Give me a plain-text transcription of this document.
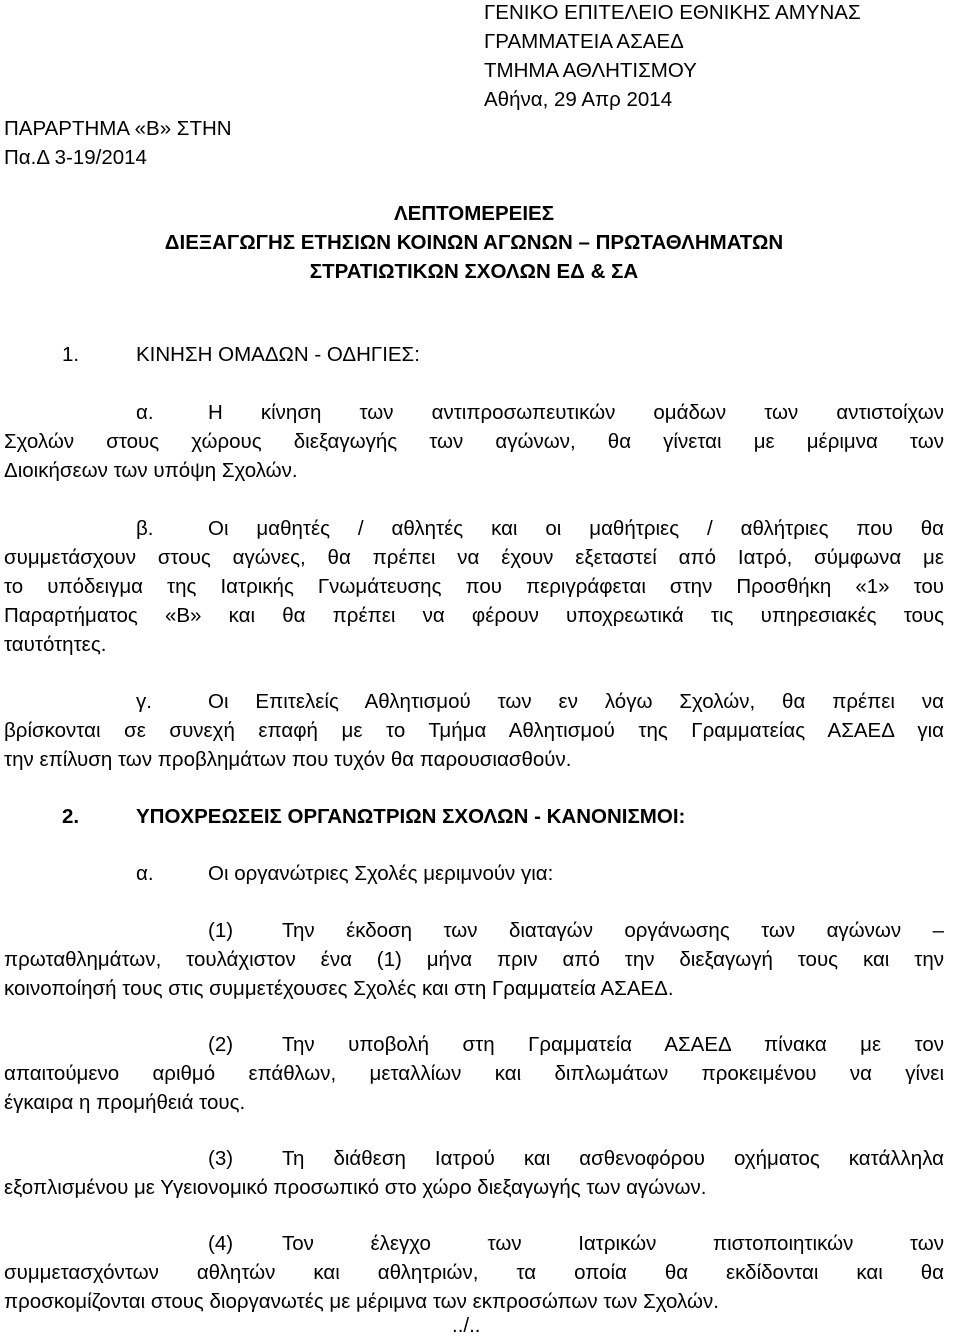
ΓΕΝΙΚΟ ΕΠΙΤΕΛΕΙΟ ΕΘΝΙΚΗΣ ΑΜΥΝΑΣ
ΓΡΑΜΜΑΤΕΙΑ ΑΣΑΕΔ
ΤΜΗΜΑ ΑΘΛΗΤΙΣΜΟΥ
Αθήνα, 29 Απρ 2014
ΠΑΡΑΡΤΗΜΑ «Β» ΣΤΗΝ
Πα.Δ 3-19/2014
ΛΕΠΤΟΜΕΡΕΙΕΣ
ΔΙΕΞΑΓΩΓΗΣ ΕΤΗΣΙΩΝ ΚΟΙΝΩΝ ΑΓΩΝΩΝ – ΠΡΩΤΑΘΛΗΜΑΤΩΝ
ΣΤΡΑΤΙΩΤΙΚΩΝ ΣΧΟΛΩΝ ΕΔ & ΣΑ
1.	ΚΙΝΗΣΗ ΟΜΑΔΩΝ - ΟΔΗΓΙΕΣ:
α.	Η κίνηση των αντιπροσωπευτικών ομάδων των αντιστοίχων
Σχολών στους χώρους διεξαγωγής των αγώνων, θα γίνεται με μέριμνα των
Διοικήσεων των υπόψη Σχολών.
β.	Οι μαθητές / αθλητές και οι μαθήτριες / αθλήτριες που θα
συμμετάσχουν στους αγώνες, θα πρέπει να έχουν εξεταστεί από Ιατρό, σύμφωνα με
το υπόδειγμα της Ιατρικής Γνωμάτευσης που περιγράφεται στην Προσθήκη «1» του
Παραρτήματος «Β» και θα πρέπει να φέρουν υποχρεωτικά τις υπηρεσιακές τους
ταυτότητες.
γ.	Οι Επιτελείς Αθλητισμού των εν λόγω Σχολών, θα πρέπει να
βρίσκονται σε συνεχή επαφή με το Τμήμα Αθλητισμού της Γραμματείας ΑΣΑΕΔ για
την επίλυση των προβλημάτων που τυχόν θα παρουσιασθούν.
2.	ΥΠΟΧΡΕΩΣΕΙΣ ΟΡΓΑΝΩΤΡΙΩΝ ΣΧΟΛΩΝ - ΚΑΝΟΝΙΣΜΟΙ:
α.	Οι οργανώτριες Σχολές μεριμνούν για:
(1) Την έκδοση των διαταγών οργάνωσης των αγώνων –
πρωταθλημάτων, τουλάχιστον ένα (1) μήνα πριν από την διεξαγωγή τους και την
κοινοποίησή τους στις συμμετέχουσες Σχολές και στη Γραμματεία ΑΣΑΕΔ.
(2) Την υποβολή στη Γραμματεία ΑΣΑΕΔ πίνακα με τον
απαιτούμενο αριθμό επάθλων, μεταλλίων και διπλωμάτων προκειμένου να γίνει
έγκαιρα η προμήθειά τους.
(3) Τη διάθεση Ιατρού και ασθενοφόρου οχήματος κατάλληλα
εξοπλισμένου με Υγειονομικό προσωπικό στο χώρο διεξαγωγής των αγώνων.
(4) Τον έλεγχο των Ιατρικών πιστοποιητικών των
συμμετασχόντων αθλητών και αθλητριών, τα οποία θα εκδίδονται και θα
προσκομίζονται στους διοργανωτές με μέριμνα των εκπροσώπων των Σχολών.
../..
